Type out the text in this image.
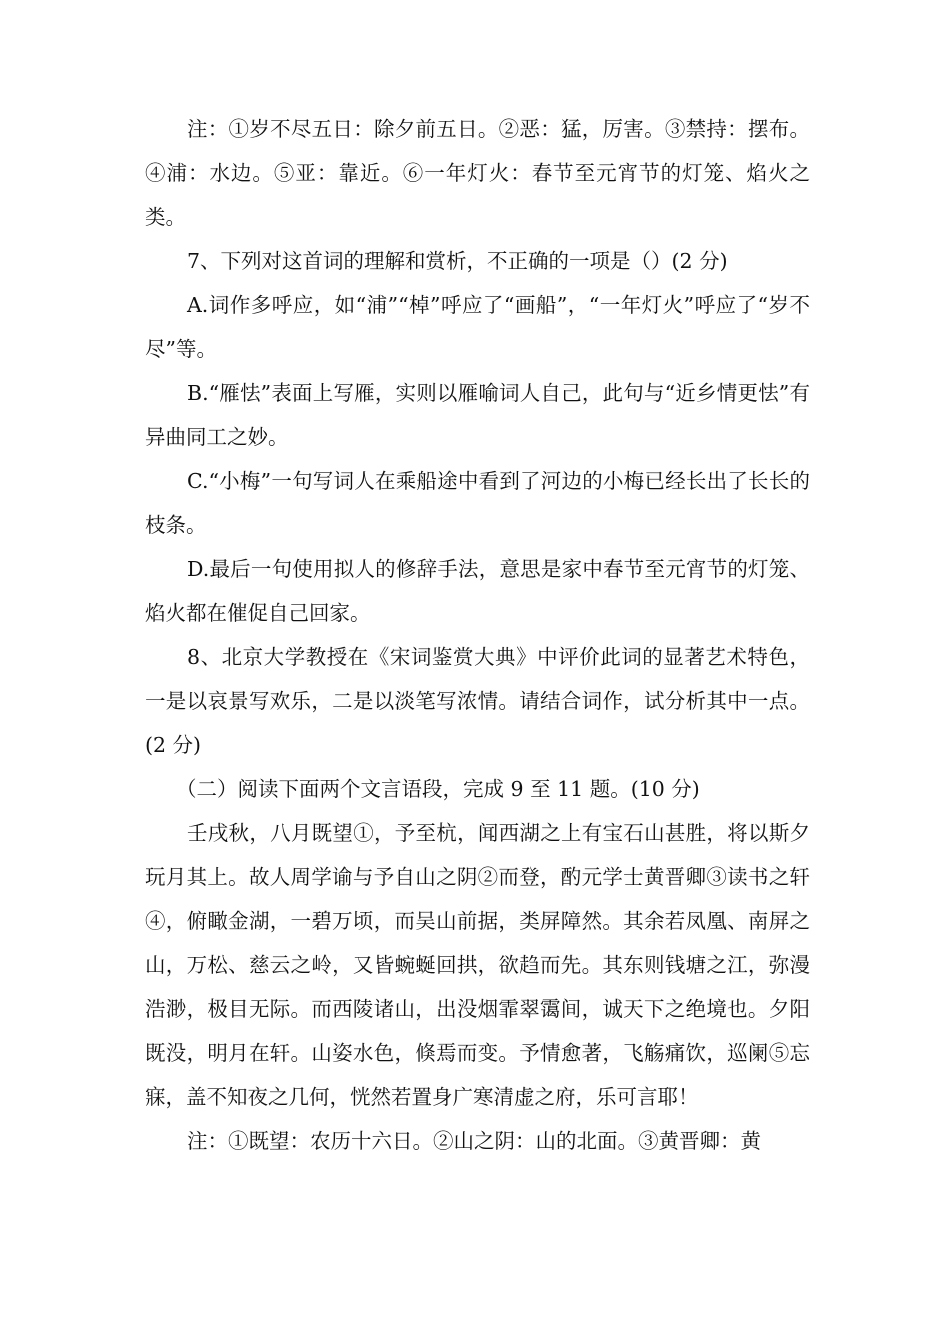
注：①岁不尽五日：除夕前五日。②恶：猛，厉害。③禁持：摆布。④浦：水边。⑤亚：靠近。⑥一年灯火：春节至元宵节的灯笼、焰火之类。

7、下列对这首词的理解和赏析，不正确的一项是（）(2 分)

A.词作多呼应，如“浦”“棹”呼应了“画船”，“一年灯火”呼应了“岁不尽”等。

B.“雁怯”表面上写雁，实则以雁喻词人自己，此句与“近乡情更怯”有异曲同工之妙。

C.“小梅”一句写词人在乘船途中看到了河边的小梅已经长出了长长的枝条。

D.最后一句使用拟人的修辞手法，意思是家中春节至元宵节的灯笼、焰火都在催促自己回家。

8、北京大学教授在《宋词鉴赏大典》中评价此词的显著艺术特色，一是以哀景写欢乐，二是以淡笔写浓情。请结合词作，试分析其中一点。(2 分)

（二）阅读下面两个文言语段，完成 9 至 11 题。(10 分)

壬戌秋，八月既望①，予至杭，闻西湖之上有宝石山甚胜，将以斯夕玩月其上。故人周学谕与予自山之阴②而登，酌元学士黄晋卿③读书之轩④，俯瞰金湖，一碧万顷，而吴山前据，类屏障然。其余若凤凰、南屏之山，万松、慈云之岭，又皆蜿蜒回拱，欲趋而先。其东则钱塘之江，弥漫浩渺，极目无际。而西陵诸山，出没烟霏翠霭间，诚天下之绝境也。夕阳既没，明月在轩。山姿水色，倏焉而变。予情愈著，飞觞痛饮，巡阑⑤忘寐，盖不知夜之几何，恍然若置身广寒清虚之府，乐可言耶！

注：①既望：农历十六日。②山之阴：山的北面。③黄晋卿：黄
